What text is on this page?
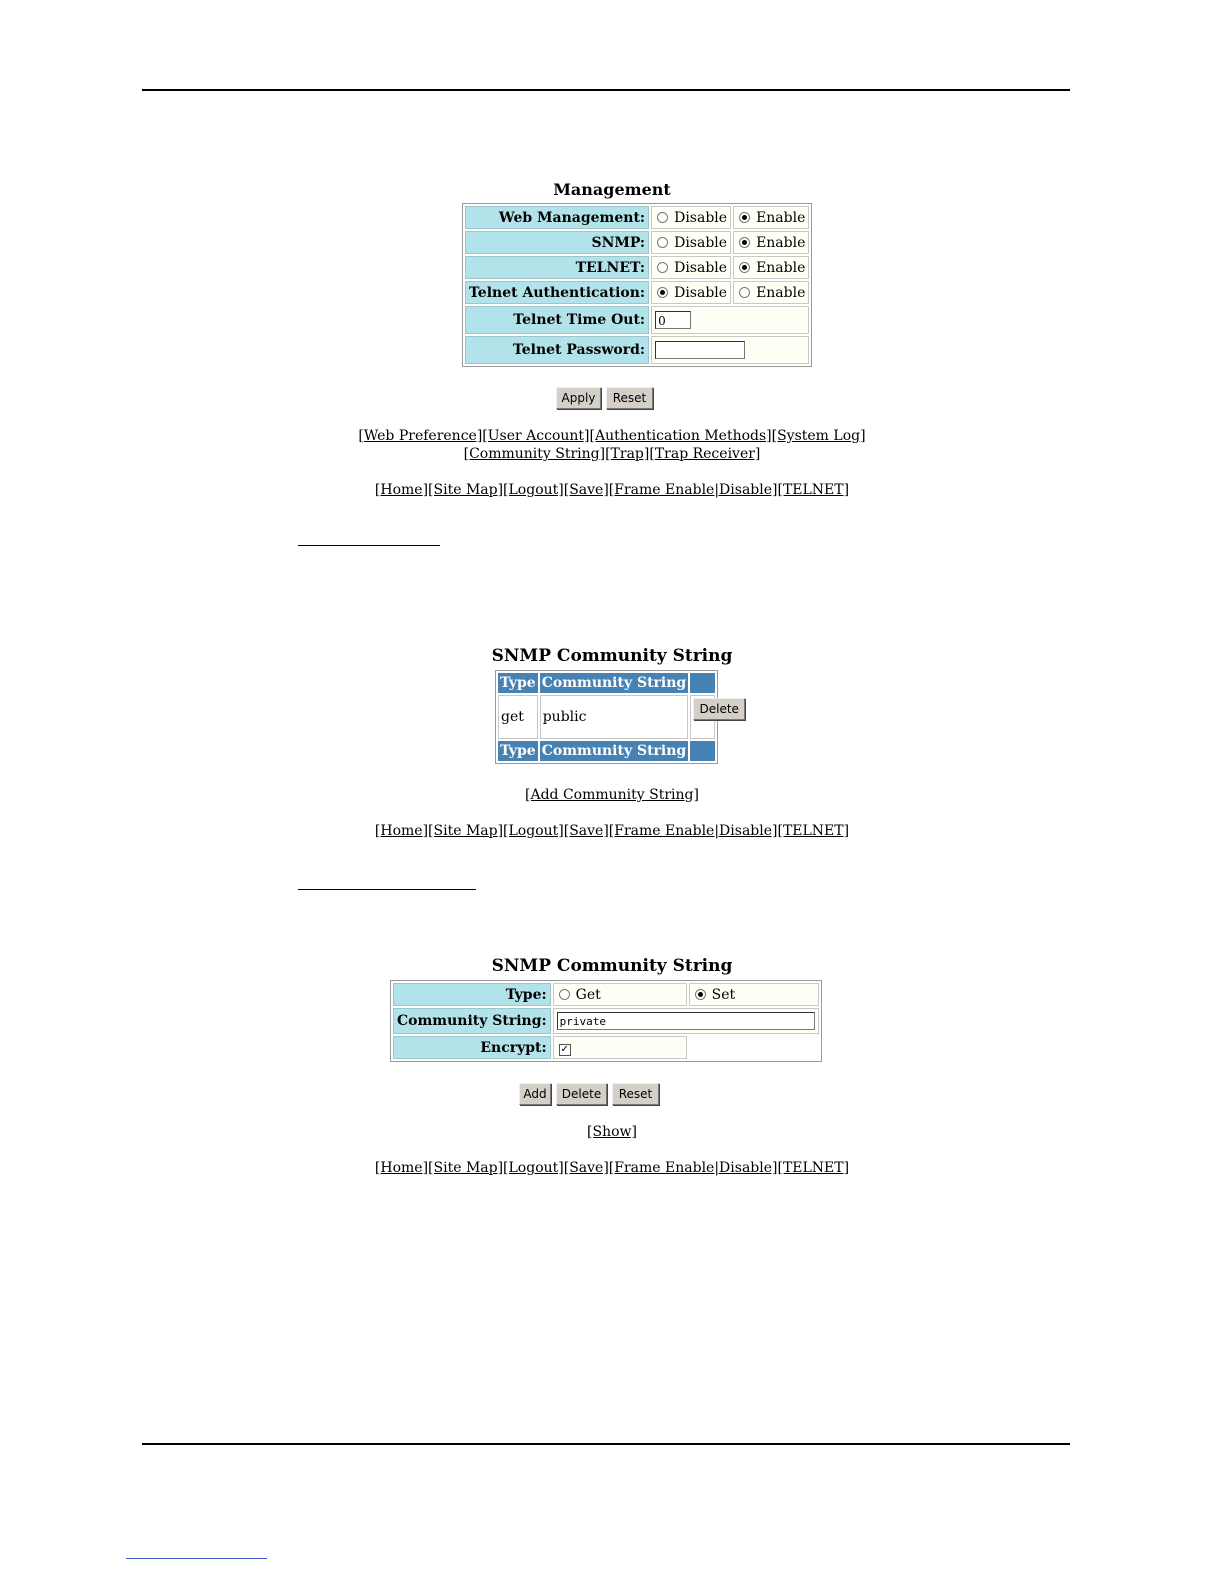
Management
Web Management:	Disable	Enable
SNMP:	Disable	Enable
TELNET:	Disable	Enable
Telnet Authentication:	Disable	Enable
Telnet Time Out:	0	
Telnet Password:		
Apply	Reset
[Web Preference][User Account][Authentication Methods][System Log]
[Community String][Trap][Trap Receiver]
[Home][Site Map][Logout][Save][Frame Enable|Disable][TELNET]
SNMP Community String
Type	Community String	
get	public	Delete

Type	Community String	
[Add Community String]
[Home][Site Map][Logout][Save][Frame Enable|Disable][TELNET]
SNMP Community String
Type:	Get	Set
Community String:	private	
Encrypt:	✓	
Add	Delete	Reset
[Show]
[Home][Site Map][Logout][Save][Frame Enable|Disable][TELNET]
